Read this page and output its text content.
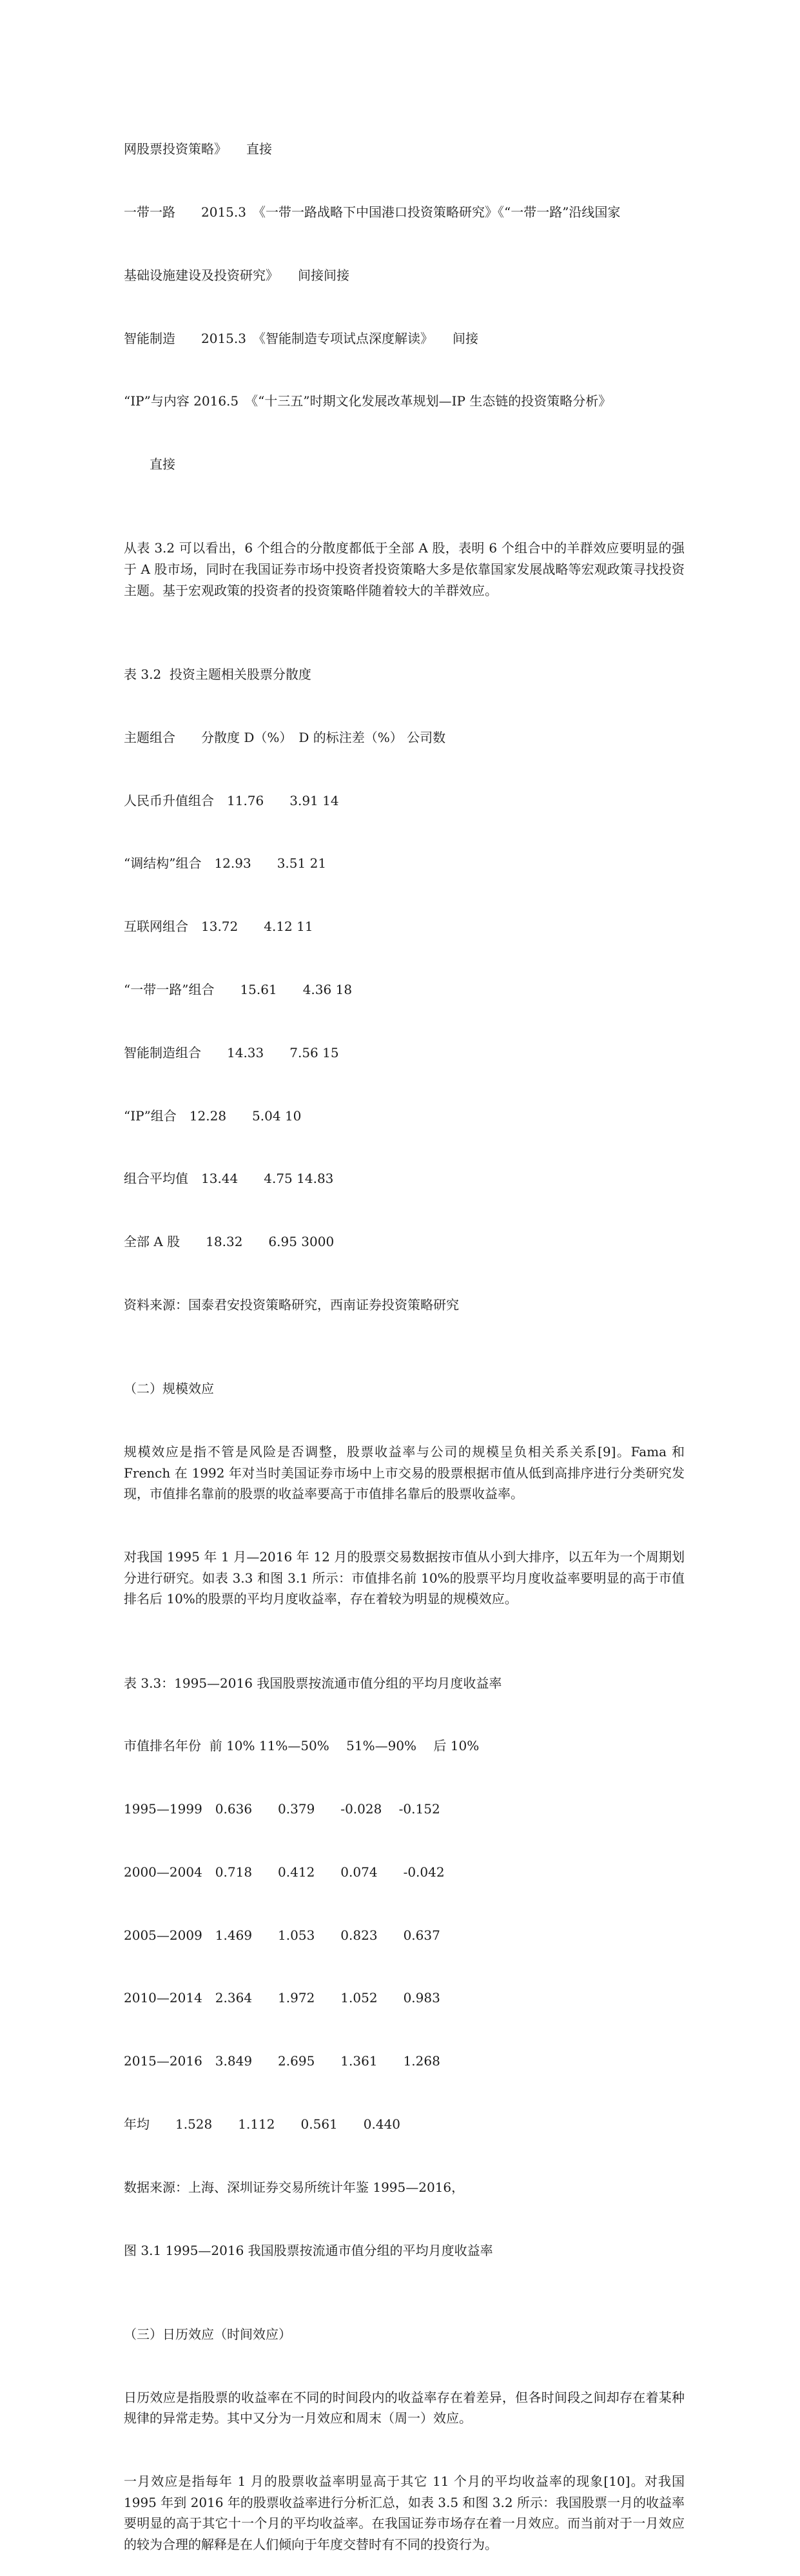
网股票投资策略》　　直接

一带一路　　2015.3　《一带一路战略下中国港口投资策略研究》《“一带一路”沿线国家

基础设施建设及投资研究》　　间接间接

智能制造　　2015.3　《智能制造专项试点深度解读》　　间接

“IP”与内容 2016.5　《“十三五”时期文化发展改革规划—IP 生态链的投资策略分析》

　　直接

从表 3.2 可以看出，6 个组合的分散度都低于全部 A 股，表明 6 个组合中的羊群效应要明显的强于 A 股市场，同时在我国证券市场中投资者投资策略大多是依靠国家发展战略等宏观政策寻找投资主题。基于宏观政策的投资者的投资策略伴随着较大的羊群效应。

表 3.2  投资主题相关股票分散度

主题组合　　分散度 D（%）　D 的标注差（%） 公司数

人民币升值组合　11.76　　3.91 14

“调结构”组合　12.93　　3.51 21

互联网组合　13.72　　4.12 11

“一带一路”组合　　15.61　　4.36 18

智能制造组合　　14.33　　7.56 15

“IP”组合　12.28　　5.04 10

组合平均值　13.44　　4.75 14.83

全部 A 股　　18.32　　6.95 3000

资料来源：国泰君安投资策略研究，西南证券投资策略研究

（二）规模效应

规模效应是指不管是风险是否调整，股票收益率与公司的规模呈负相关系关系[9]。Fama 和 French 在 1992 年对当时美国证券市场中上市交易的股票根据市值从低到高排序进行分类研究发现，市值排名靠前的股票的收益率要高于市值排名靠后的股票收益率。

对我国 1995 年 1 月—2016 年 12 月的股票交易数据按市值从小到大排序，以五年为一个周期划分进行研究。如表 3.3 和图 3.1 所示：市值排名前 10%的股票平均月度收益率要明显的高于市值排名后 10%的股票的平均月度收益率，存在着较为明显的规模效应。

表 3.3：1995—2016 我国股票按流通市值分组的平均月度收益率

市值排名年份  前 10% 11%—50%　 51%—90%　 后 10%

1995—1999　0.636　　0.379　　-0.028　 -0.152

2000—2004　0.718　　0.412　　0.074　　-0.042

2005—2009　1.469　　1.053　　0.823　　0.637

2010—2014　2.364　　1.972　　1.052　　0.983

2015—2016　3.849　　2.695　　1.361　　1.268

年均　　1.528　　1.112　　0.561　　0.440

数据来源：上海、深圳证券交易所统计年鉴 1995—2016，

图 3.1 1995—2016 我国股票按流通市值分组的平均月度收益率

（三）日历效应（时间效应）

日历效应是指股票的收益率在不同的时间段内的收益率存在着差异，但各时间段之间却存在着某种规律的异常走势。其中又分为一月效应和周末（周一）效应。

一月效应是指每年 1 月的股票收益率明显高于其它 11 个月的平均收益率的现象[10]。对我国 1995 年到 2016 年的股票收益率进行分析汇总，如表 3.5 和图 3.2 所示：我国股票一月的收益率要明显的高于其它十一个月的平均收益率。在我国证券市场存在着一月效应。而当前对于一月效应的较为合理的解释是在人们倾向于年度交替时有不同的投资行为。
